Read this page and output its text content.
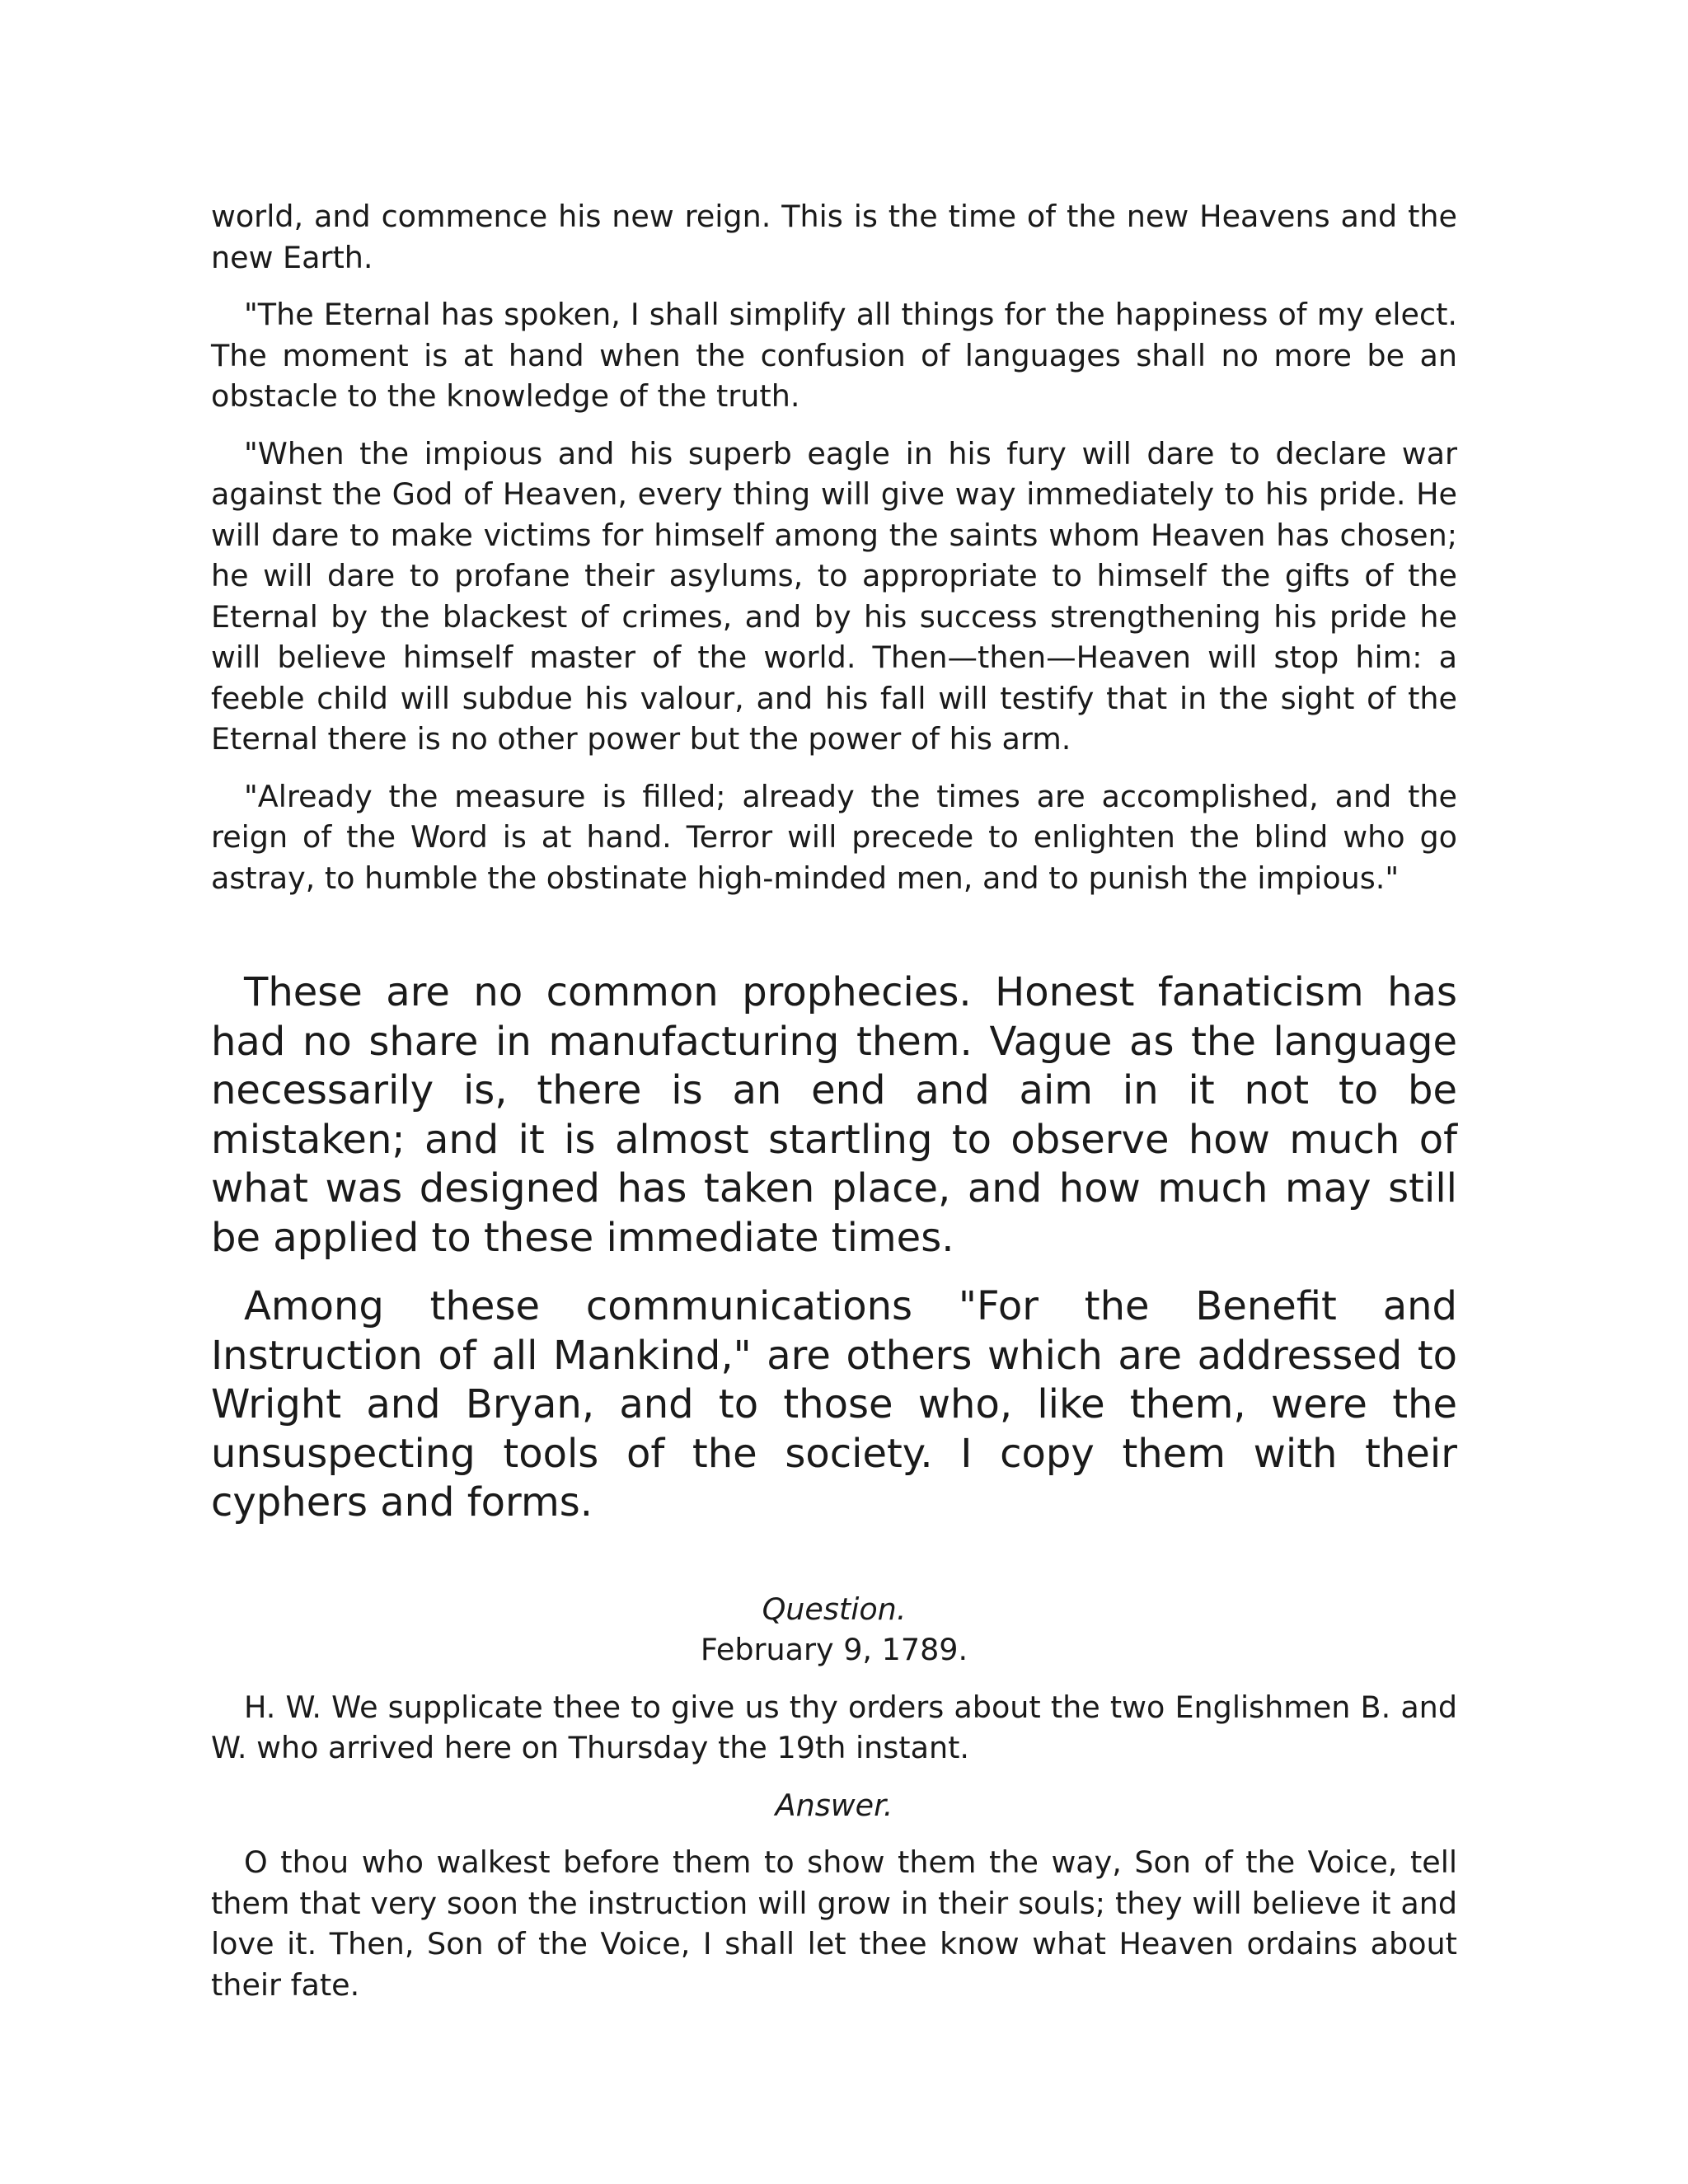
world, and commence his new reign. This is the time of the new Heavens and the new Earth.

"The Eternal has spoken, I shall simplify all things for the happiness of my elect. The moment is at hand when the confusion of languages shall no more be an obstacle to the knowledge of the truth.

"When the impious and his superb eagle in his fury will dare to declare war against the God of Heaven, every thing will give way immediately to his pride. He will dare to make victims for himself among the saints whom Heaven has chosen; he will dare to profane their asylums, to appropriate to himself the gifts of the Eternal by the blackest of crimes, and by his success strengthening his pride he will believe himself master of the world. Then—then—Heaven will stop him: a feeble child will subdue his valour, and his fall will testify that in the sight of the Eternal there is no other power but the power of his arm.

"Already the measure is filled; already the times are accomplished, and the reign of the Word is at hand. Terror will precede to enlighten the blind who go astray, to humble the obstinate high-minded men, and to punish the impious."

These are no common prophecies. Honest fanaticism has had no share in manufacturing them. Vague as the language necessarily is, there is an end and aim in it not to be mistaken; and it is almost startling to observe how much of what was designed has taken place, and how much may still be applied to these immediate times.

Among these communications "For the Benefit and Instruction of all Mankind," are others which are addressed to Wright and Bryan, and to those who, like them, were the unsuspecting tools of the society. I copy them with their cyphers and forms.

Question.

February 9, 1789.

H. W. We supplicate thee to give us thy orders about the two Englishmen B. and W. who arrived here on Thursday the 19th instant.

Answer.

O thou who walkest before them to show them the way, Son of the Voice, tell them that very soon the instruction will grow in their souls; they will believe it and love it. Then, Son of the Voice, I shall let thee know what Heaven ordains about their fate.
